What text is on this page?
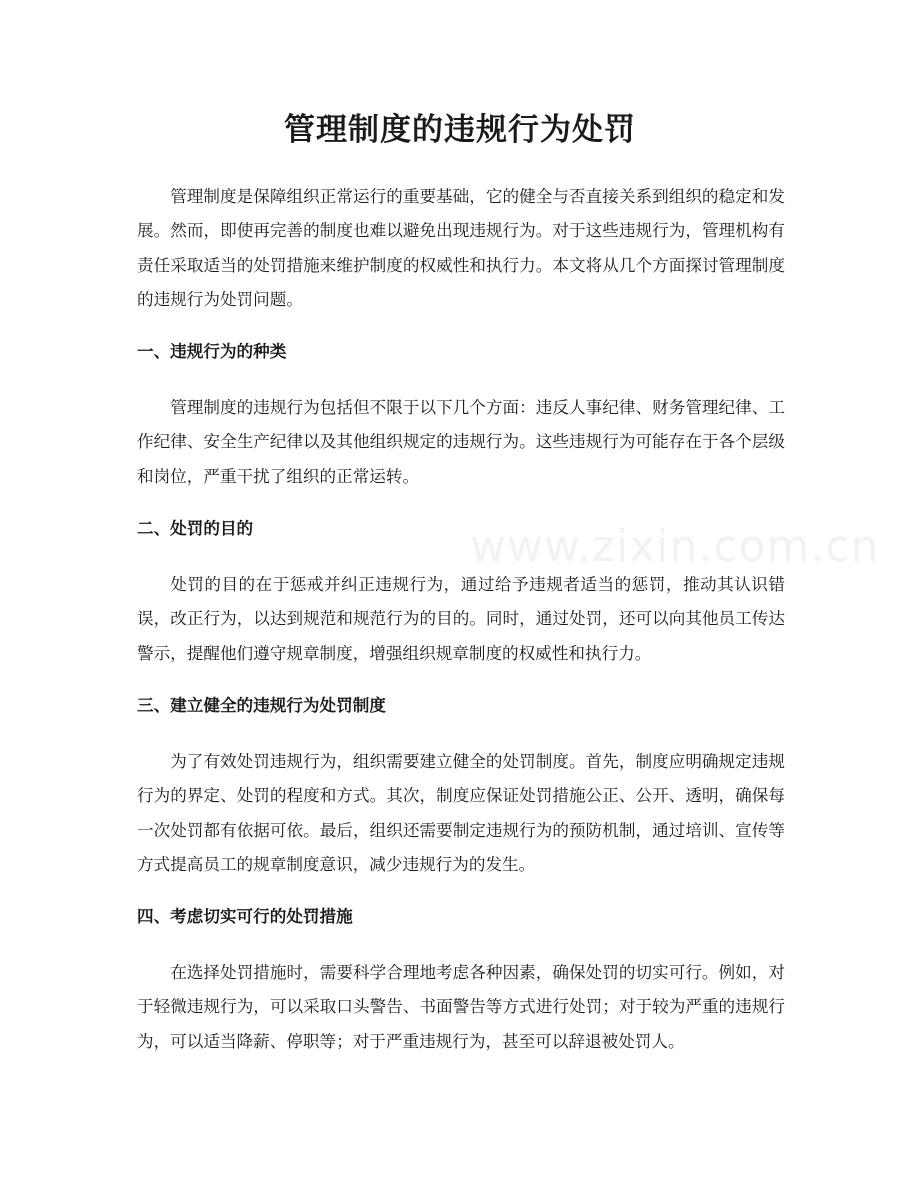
管理制度的违规行为处罚

管理制度是保障组织正常运行的重要基础，它的健全与否直接关系到组织的稳定和发展。然而，即使再完善的制度也难以避免出现违规行为。对于这些违规行为，管理机构有责任采取适当的处罚措施来维护制度的权威性和执行力。本文将从几个方面探讨管理制度的违规行为处罚问题。

一、违规行为的种类

管理制度的违规行为包括但不限于以下几个方面：违反人事纪律、财务管理纪律、工作纪律、安全生产纪律以及其他组织规定的违规行为。这些违规行为可能存在于各个层级和岗位，严重干扰了组织的正常运转。

二、处罚的目的

处罚的目的在于惩戒并纠正违规行为，通过给予违规者适当的惩罚，推动其认识错误，改正行为，以达到规范和规范行为的目的。同时，通过处罚，还可以向其他员工传达警示，提醒他们遵守规章制度，增强组织规章制度的权威性和执行力。

三、建立健全的违规行为处罚制度

为了有效处罚违规行为，组织需要建立健全的处罚制度。首先，制度应明确规定违规行为的界定、处罚的程度和方式。其次，制度应保证处罚措施公正、公开、透明，确保每一次处罚都有依据可依。最后，组织还需要制定违规行为的预防机制，通过培训、宣传等方式提高员工的规章制度意识，减少违规行为的发生。

四、考虑切实可行的处罚措施

在选择处罚措施时，需要科学合理地考虑各种因素，确保处罚的切实可行。例如，对于轻微违规行为，可以采取口头警告、书面警告等方式进行处罚；对于较为严重的违规行为，可以适当降薪、停职等；对于严重违规行为，甚至可以辞退被处罚人。

www.zixin.com.cn
